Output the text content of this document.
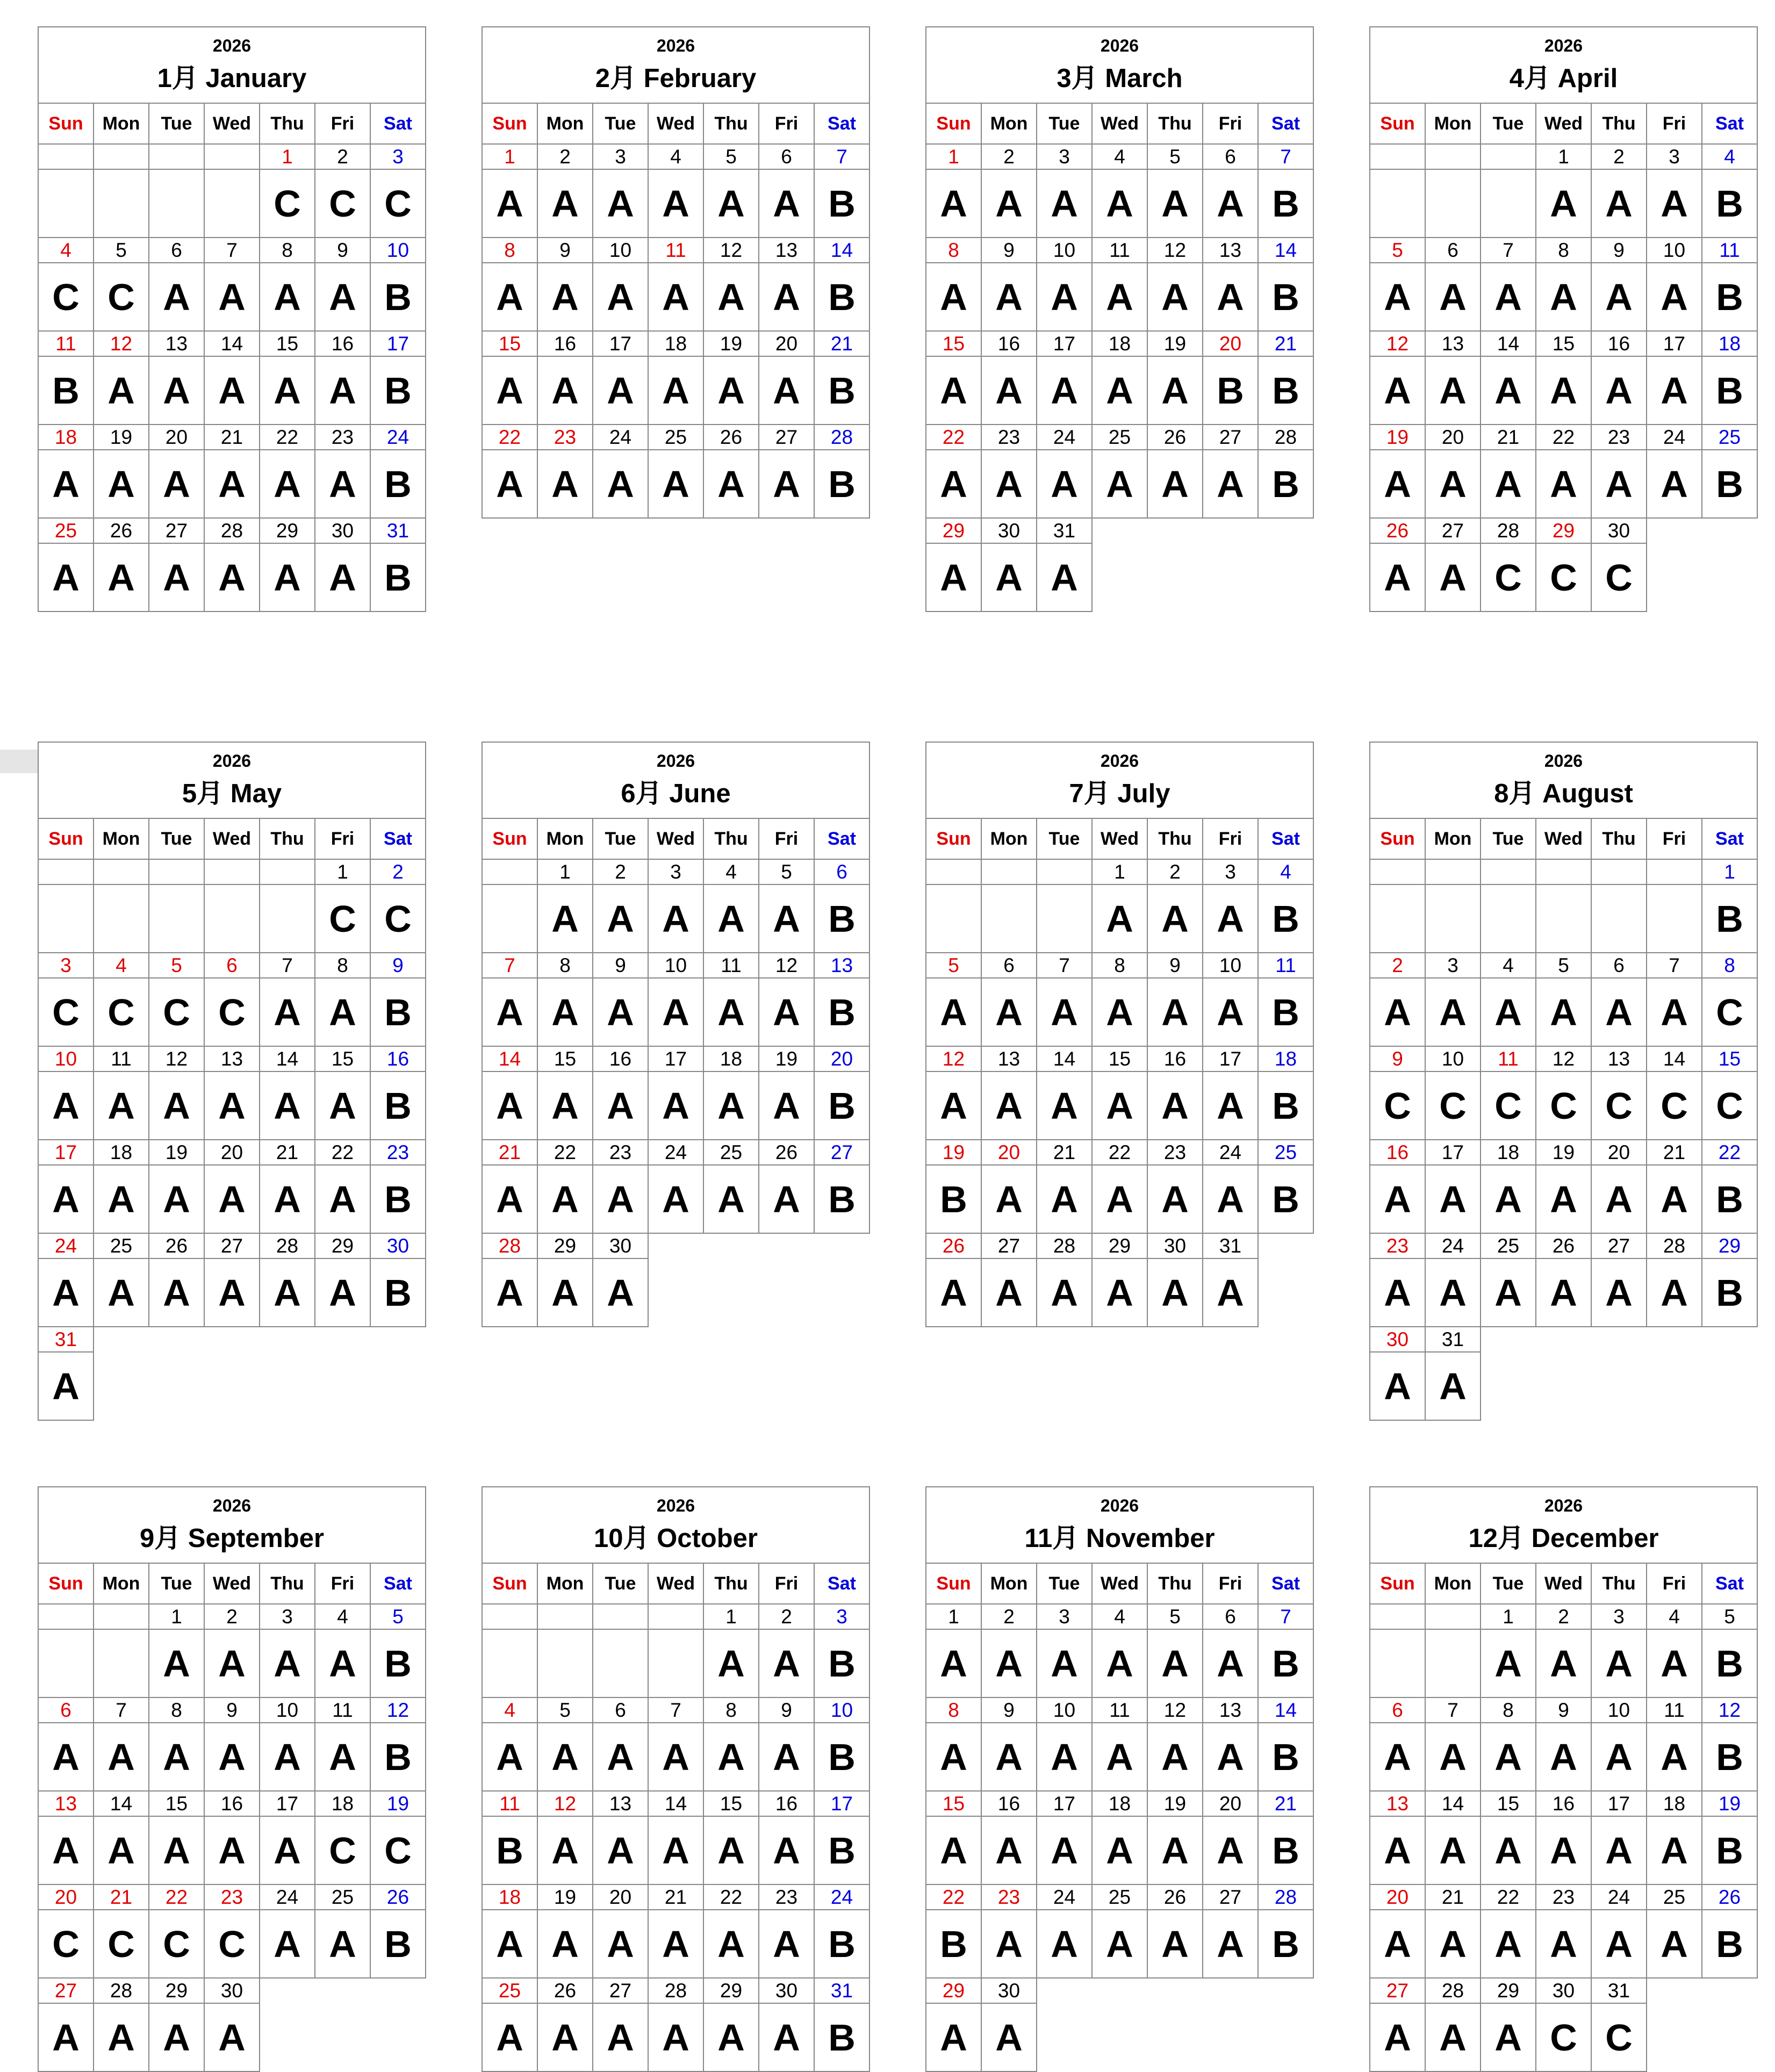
2026
1月 January
Sun	Mon	Tue	Wed	Thu	Fri	Sat
				1	2	3
				C	C	C
4	5	6	7	8	9	10
C	C	A	A	A	A	B
11	12	13	14	15	16	17
B	A	A	A	A	A	B
18	19	20	21	22	23	24
A	A	A	A	A	A	B
25	26	27	28	29	30	31
A	A	A	A	A	A	B
2026
2月 February
Sun	Mon	Tue	Wed	Thu	Fri	Sat
1	2	3	4	5	6	7
A	A	A	A	A	A	B
8	9	10	11	12	13	14
A	A	A	A	A	A	B
15	16	17	18	19	20	21
A	A	A	A	A	A	B
22	23	24	25	26	27	28
A	A	A	A	A	A	B
2026
3月 March
Sun	Mon	Tue	Wed	Thu	Fri	Sat
1	2	3	4	5	6	7
A	A	A	A	A	A	B
8	9	10	11	12	13	14
A	A	A	A	A	A	B
15	16	17	18	19	20	21
A	A	A	A	A	B	B
22	23	24	25	26	27	28
A	A	A	A	A	A	B
29	30	31				
A	A	A				
2026
4月 April
Sun	Mon	Tue	Wed	Thu	Fri	Sat
			1	2	3	4
			A	A	A	B
5	6	7	8	9	10	11
A	A	A	A	A	A	B
12	13	14	15	16	17	18
A	A	A	A	A	A	B
19	20	21	22	23	24	25
A	A	A	A	A	A	B
26	27	28	29	30		
A	A	C	C	C		
2026
5月 May
Sun	Mon	Tue	Wed	Thu	Fri	Sat
					1	2
					C	C
3	4	5	6	7	8	9
C	C	C	C	A	A	B
10	11	12	13	14	15	16
A	A	A	A	A	A	B
17	18	19	20	21	22	23
A	A	A	A	A	A	B
24	25	26	27	28	29	30
A	A	A	A	A	A	B
31						
A						
2026
6月 June
Sun	Mon	Tue	Wed	Thu	Fri	Sat
	1	2	3	4	5	6
	A	A	A	A	A	B
7	8	9	10	11	12	13
A	A	A	A	A	A	B
14	15	16	17	18	19	20
A	A	A	A	A	A	B
21	22	23	24	25	26	27
A	A	A	A	A	A	B
28	29	30				
A	A	A				
2026
7月 July
Sun	Mon	Tue	Wed	Thu	Fri	Sat
			1	2	3	4
			A	A	A	B
5	6	7	8	9	10	11
A	A	A	A	A	A	B
12	13	14	15	16	17	18
A	A	A	A	A	A	B
19	20	21	22	23	24	25
B	A	A	A	A	A	B
26	27	28	29	30	31	
A	A	A	A	A	A	
2026
8月 August
Sun	Mon	Tue	Wed	Thu	Fri	Sat
						1
						B
2	3	4	5	6	7	8
A	A	A	A	A	A	C
9	10	11	12	13	14	15
C	C	C	C	C	C	C
16	17	18	19	20	21	22
A	A	A	A	A	A	B
23	24	25	26	27	28	29
A	A	A	A	A	A	B
30	31					
A	A					
2026
9月 September
Sun	Mon	Tue	Wed	Thu	Fri	Sat
		1	2	3	4	5
		A	A	A	A	B
6	7	8	9	10	11	12
A	A	A	A	A	A	B
13	14	15	16	17	18	19
A	A	A	A	A	C	C
20	21	22	23	24	25	26
C	C	C	C	A	A	B
27	28	29	30			
A	A	A	A			
2026
10月 October
Sun	Mon	Tue	Wed	Thu	Fri	Sat
				1	2	3
				A	A	B
4	5	6	7	8	9	10
A	A	A	A	A	A	B
11	12	13	14	15	16	17
B	A	A	A	A	A	B
18	19	20	21	22	23	24
A	A	A	A	A	A	B
25	26	27	28	29	30	31
A	A	A	A	A	A	B
2026
11月 November
Sun	Mon	Tue	Wed	Thu	Fri	Sat
1	2	3	4	5	6	7
A	A	A	A	A	A	B
8	9	10	11	12	13	14
A	A	A	A	A	A	B
15	16	17	18	19	20	21
A	A	A	A	A	A	B
22	23	24	25	26	27	28
B	A	A	A	A	A	B
29	30					
A	A					
2026
12月 December
Sun	Mon	Tue	Wed	Thu	Fri	Sat
		1	2	3	4	5
		A	A	A	A	B
6	7	8	9	10	11	12
A	A	A	A	A	A	B
13	14	15	16	17	18	19
A	A	A	A	A	A	B
20	21	22	23	24	25	26
A	A	A	A	A	A	B
27	28	29	30	31		
A	A	A	C	C		
